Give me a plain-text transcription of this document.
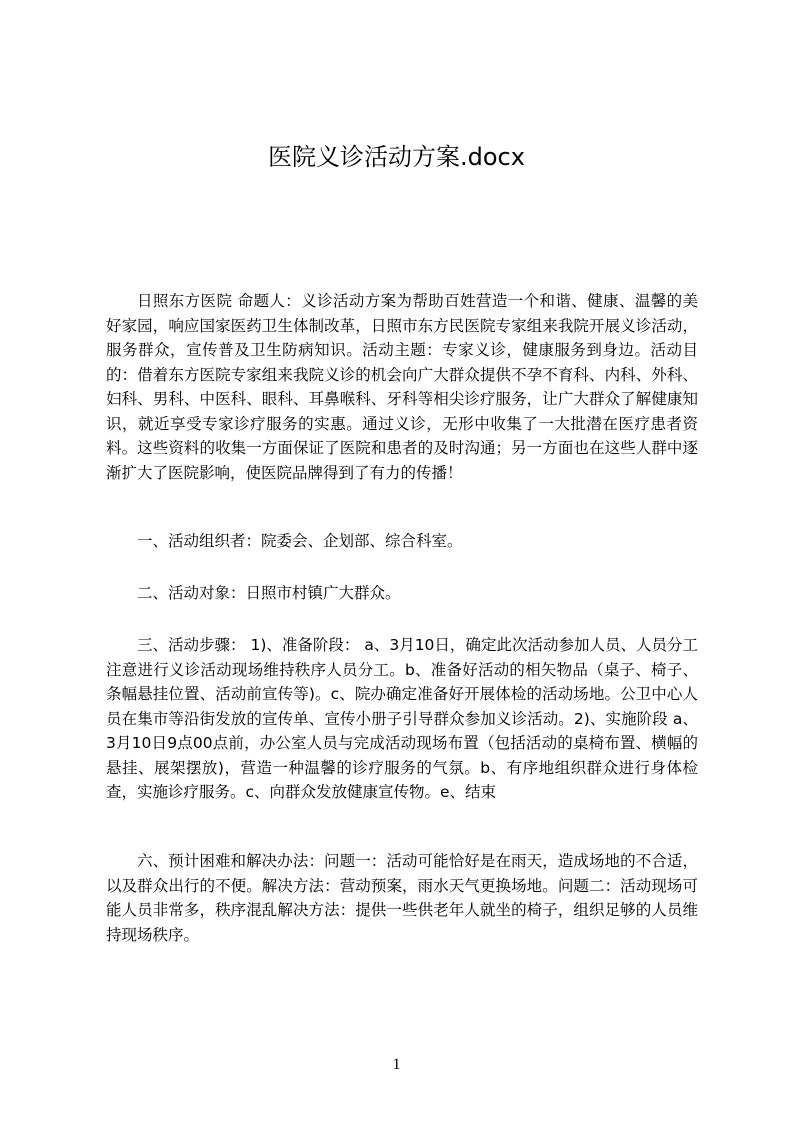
医院义诊活动方案.docx

日照东方医院 命题人：义诊活动方案为帮助百姓营造一个和谐、健康、温馨的美好家园，响应国家医药卫生体制改革，日照市东方民医院专家组来我院开展义诊活动，服务群众，宣传普及卫生防病知识。活动主题：专家义诊，健康服务到身边。活动目的：借着东方医院专家组来我院义诊的机会向广大群众提供不孕不育科、内科、外科、妇科、男科、中医科、眼科、耳鼻喉科、牙科等相尖诊疗服务，让广大群众了解健康知识，就近享受专家诊疗服务的实惠。通过义诊，无形中收集了一大批潜在医疗患者资料。这些资料的收集一方面保证了医院和患者的及时沟通；另一方面也在这些人群中逐渐扩大了医院影响，使医院品牌得到了有力的传播！

一、活动组织者：院委会、企划部、综合科室。

二、活动对象：日照市村镇广大群众。

三、活动步骤： 1)、准备阶段： a、3月10日，确定此次活动参加人员、人员分工注意进行义诊活动现场维持秩序人员分工。b、准备好活动的相矢物品（桌子、椅子、条幅悬挂位置、活动前宣传等)。c、院办确定准备好开展体检的活动场地。公卫中心人员在集市等沿街发放的宣传单、宣传小册子引导群众参加义诊活动。2)、实施阶段 a、3月10日9点00点前，办公室人员与完成活动现场布置（包括活动的桌椅布置、横幅的悬挂、展架摆放)，营造一种温馨的诊疗服务的气氛。b、有序地组织群众进行身体检查，实施诊疗服务。c、向群众发放健康宣传物。e、结束

六、预计困难和解决办法：问题一：活动可能恰好是在雨天，造成场地的不合适，以及群众出行的不便。解决方法：营动预案，雨水天气更换场地。问题二：活动现场可能人员非常多，秩序混乱解决方法：提供一些供老年人就坐的椅子，组织足够的人员维持现场秩序。

1
